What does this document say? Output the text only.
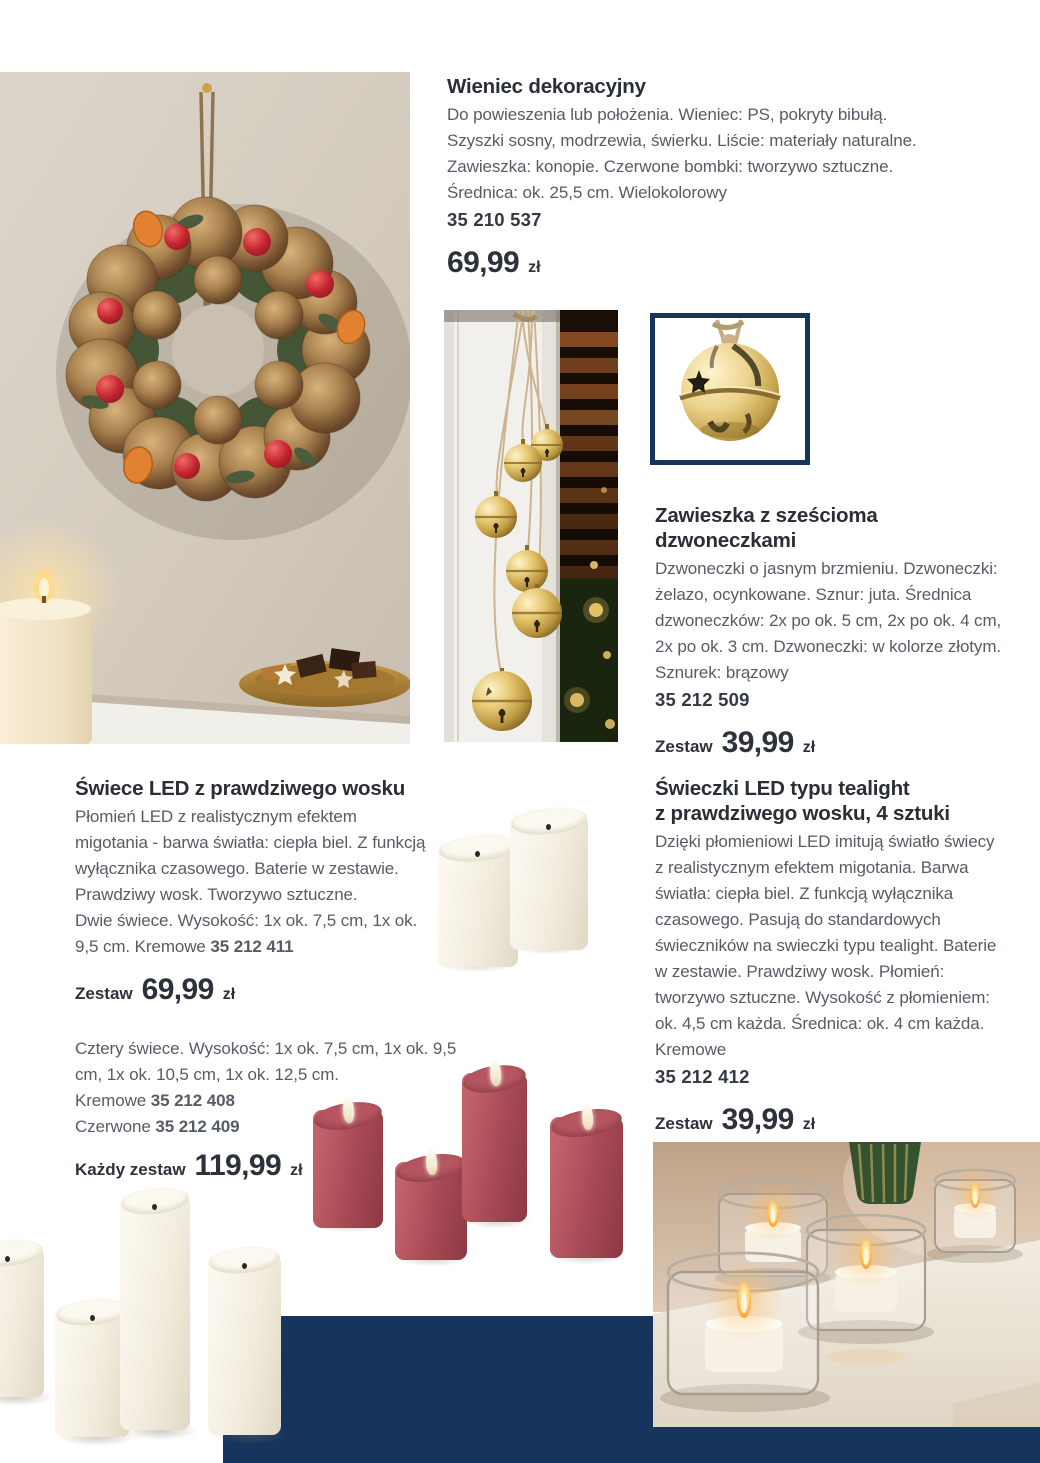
Wieniec dekoracyjny

Do powieszenia lub położenia. Wieniec: PS, pokryty bibułą. Szyszki sosny, modrzewia, świerku. Liście: materiały naturalne. Zawieszka: konopie. Czerwone bombki: tworzywo sztuczne. Średnica: ok. 25,5 cm. Wielokolorowy

35 210 537
69,99 zł
Zawieszka z sześcioma
dzwoneczkami

Dzwoneczki o jasnym brzmieniu. Dzwoneczki: żelazo, ocynkowane. Sznur: juta. Średnica dzwoneczków: 2x po ok. 5 cm, 2x po ok. 4 cm, 2x po ok. 3 cm. Dzwoneczki: w kolorze złotym. Sznurek: brązowy

35 212 509
Zestaw 39,99 zł
Świece LED z prawdziwego wosku

Płomień LED z realistycznym efektem migotania - barwa światła: ciepła biel. Z funkcją wyłącznika czasowego. Baterie w zestawie. Prawdziwy wosk. Tworzywo sztuczne.

Dwie świece. Wysokość: 1x ok. 7,5 cm, 1x ok. 9,5 cm. Kremowe 35 212 411

Zestaw 69,99 zł

Cztery świece. Wysokość: 1x ok. 7,5 cm, 1x ok. 9,5 cm, 1x ok. 10,5 cm, 1x ok. 12,5 cm.

Kremowe 35 212 408
Czerwone 35 212 409
Każdy zestaw 119,99 zł
Świeczki LED typu tealight
z prawdziwego wosku, 4 sztuki

Dzięki płomieniowi LED imitują światło świecy z realistycznym efektem migotania. Barwa światła: ciepła biel. Z funkcją wyłącznika czasowego. Pasują do standardowych świeczników na swieczki typu tealight. Baterie w zestawie. Prawdziwy wosk. Płomień: tworzywo sztuczne. Wysokość z płomieniem: ok. 4,5 cm każda. Średnica: ok. 4 cm każda. Kremowe

35 212 412
Zestaw 39,99 zł
